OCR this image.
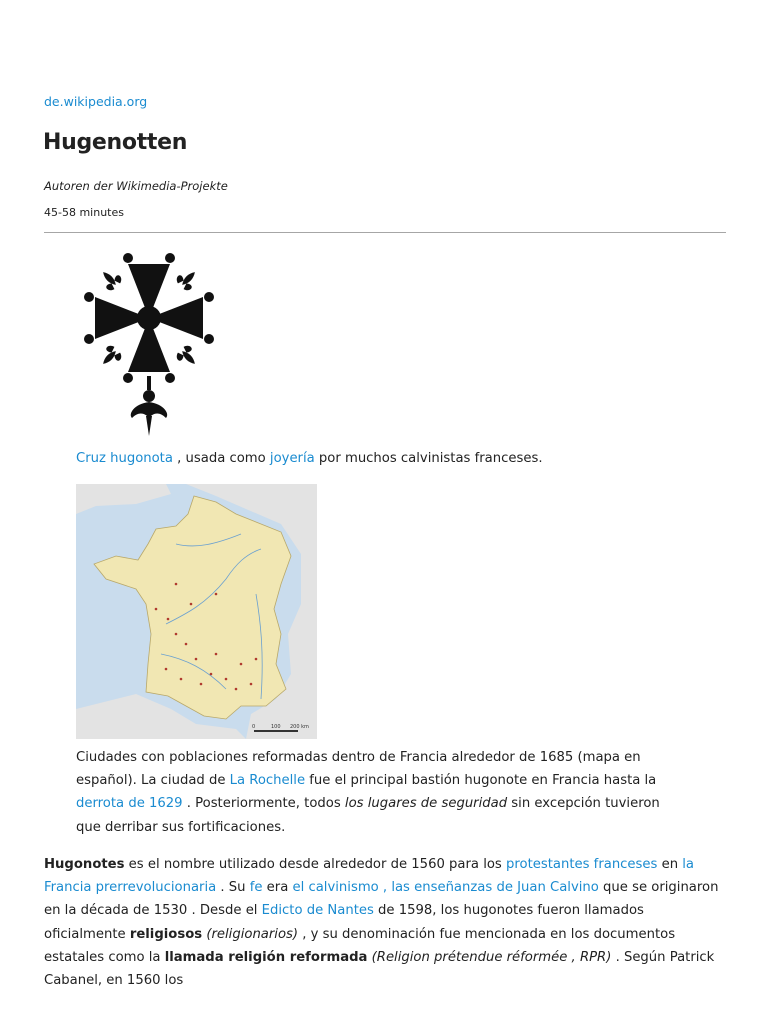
de.wikipedia.org
Hugenotten
Autoren der Wikimedia-Projekte
45-58 minutes
Cruz hugonota , usada como joyería por muchos calvinistas franceses.
0	100 200 km
Ciudades con poblaciones reformadas dentro de Francia alrededor de 1685 (mapa en español). La ciudad de La Rochelle fue el principal bastión hugonote en Francia hasta la derrota de 1629 . Posteriormente, todos los lugares de seguridad sin excepción tuvieron que derribar sus fortificaciones.
Hugonotes es el nombre utilizado desde alrededor de 1560 para los protestantes franceses en la Francia prerrevolucionaria . Su fe era el calvinismo , las enseñanzas de Juan Calvino que se originaron en la década de 1530 . Desde el Edicto de Nantes de 1598, los hugonotes fueron llamados oficialmente religiosos (religionarios) , y su denominación fue mencionada en los documentos estatales como la llamada religión reformada (Religion prétendue réformée , RPR) . Según Patrick Cabanel, en 1560 los
